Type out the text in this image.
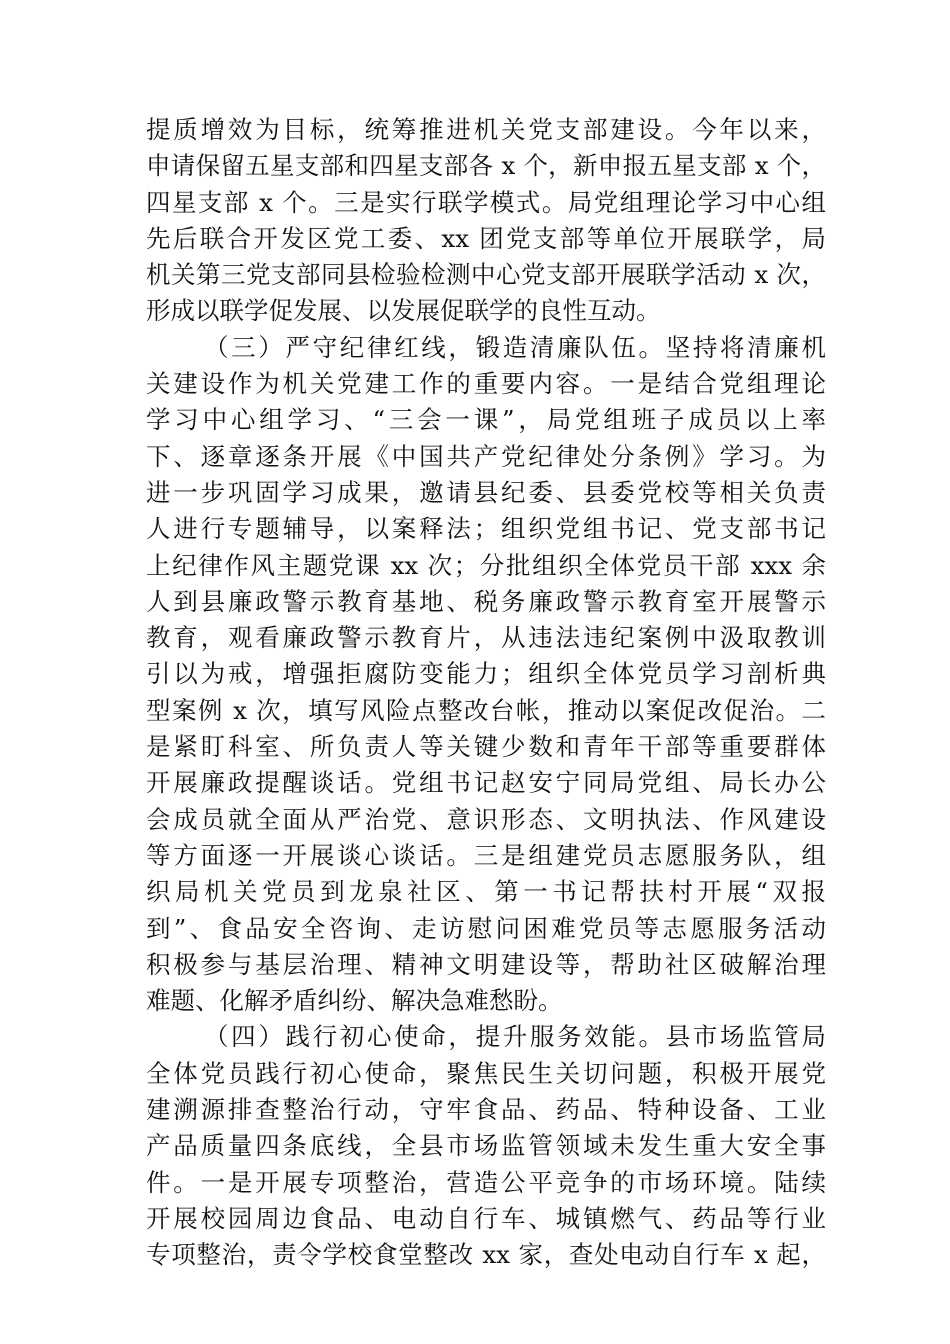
提质增效为目标，统筹推进机关党支部建设。今年以来，
申请保留五星支部和四星支部各 x 个，新申报五星支部 x 个，
四星支部 x 个。三是实行联学模式。局党组理论学习中心组
先后联合开发区党工委、xx 团党支部等单位开展联学，局
机关第三党支部同县检验检测中心党支部开展联学活动 x 次，
形成以联学促发展、以发展促联学的良性互动。
（三）严守纪律红线，锻造清廉队伍。坚持将清廉机
关建设作为机关党建工作的重要内容。一是结合党组理论
学习中心组学习、“三会一课”，局党组班子成员以上率
下、逐章逐条开展《中国共产党纪律处分条例》学习。为
进一步巩固学习成果，邀请县纪委、县委党校等相关负责
人进行专题辅导，以案释法；组织党组书记、党支部书记
上纪律作风主题党课 xx 次；分批组织全体党员干部 xxx 余
人到县廉政警示教育基地、税务廉政警示教育室开展警示
教育，观看廉政警示教育片，从违法违纪案例中汲取教训
引以为戒，增强拒腐防变能力；组织全体党员学习剖析典
型案例 x 次，填写风险点整改台帐，推动以案促改促治。二
是紧盯科室、所负责人等关键少数和青年干部等重要群体
开展廉政提醒谈话。党组书记赵安宁同局党组、局长办公
会成员就全面从严治党、意识形态、文明执法、作风建设
等方面逐一开展谈心谈话。三是组建党员志愿服务队，组
织局机关党员到龙泉社区、第一书记帮扶村开展“双报
到”、食品安全咨询、走访慰问困难党员等志愿服务活动
积极参与基层治理、精神文明建设等，帮助社区破解治理
难题、化解矛盾纠纷、解决急难愁盼。
（四）践行初心使命，提升服务效能。县市场监管局
全体党员践行初心使命，聚焦民生关切问题，积极开展党
建溯源排查整治行动，守牢食品、药品、特种设备、工业
产品质量四条底线，全县市场监管领域未发生重大安全事
件。一是开展专项整治，营造公平竞争的市场环境。陆续
开展校园周边食品、电动自行车、城镇燃气、药品等行业
专项整治，责令学校食堂整改 xx 家，查处电动自行车 x 起，
